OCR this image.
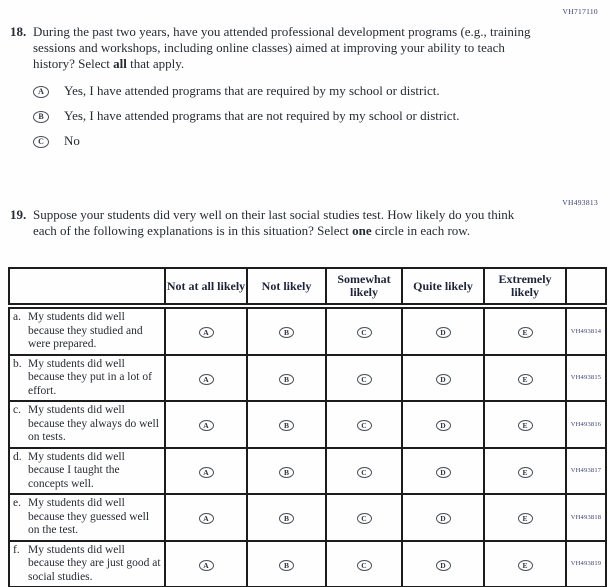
VH717110
18. During the past two years, have you attended professional development programs (e.g., training sessions and workshops, including online classes) aimed at improving your ability to teach history? Select all that apply.
A	Yes, I have attended programs that are required by my school or district.
B	Yes, I have attended programs that are not required by my school or district.
C	No
VH493813
19. Suppose your students did very well on their last social studies test. How likely do you think each of the following explanations is in this situation? Select one circle in each row.
	Not at all likely	Not likely	Somewhat likely	Quite likely	Extremely likely	

a. My students did well because they studied and were prepared.	A	B	C	D	E	VH493814

b. My students did well because they put in a lot of effort.	A	B	C	D	E	VH493815

c. My students did well because they always do well on tests.	A	B	C	D	E	VH493816

d. My students did well because I taught the concepts well.	A	B	C	D	E	VH493817

e. My students did well because they guessed well on the test.	A	B	C	D	E	VH493818

f. My students did well because they are just good at social studies.	A	B	C	D	E	VH493819
